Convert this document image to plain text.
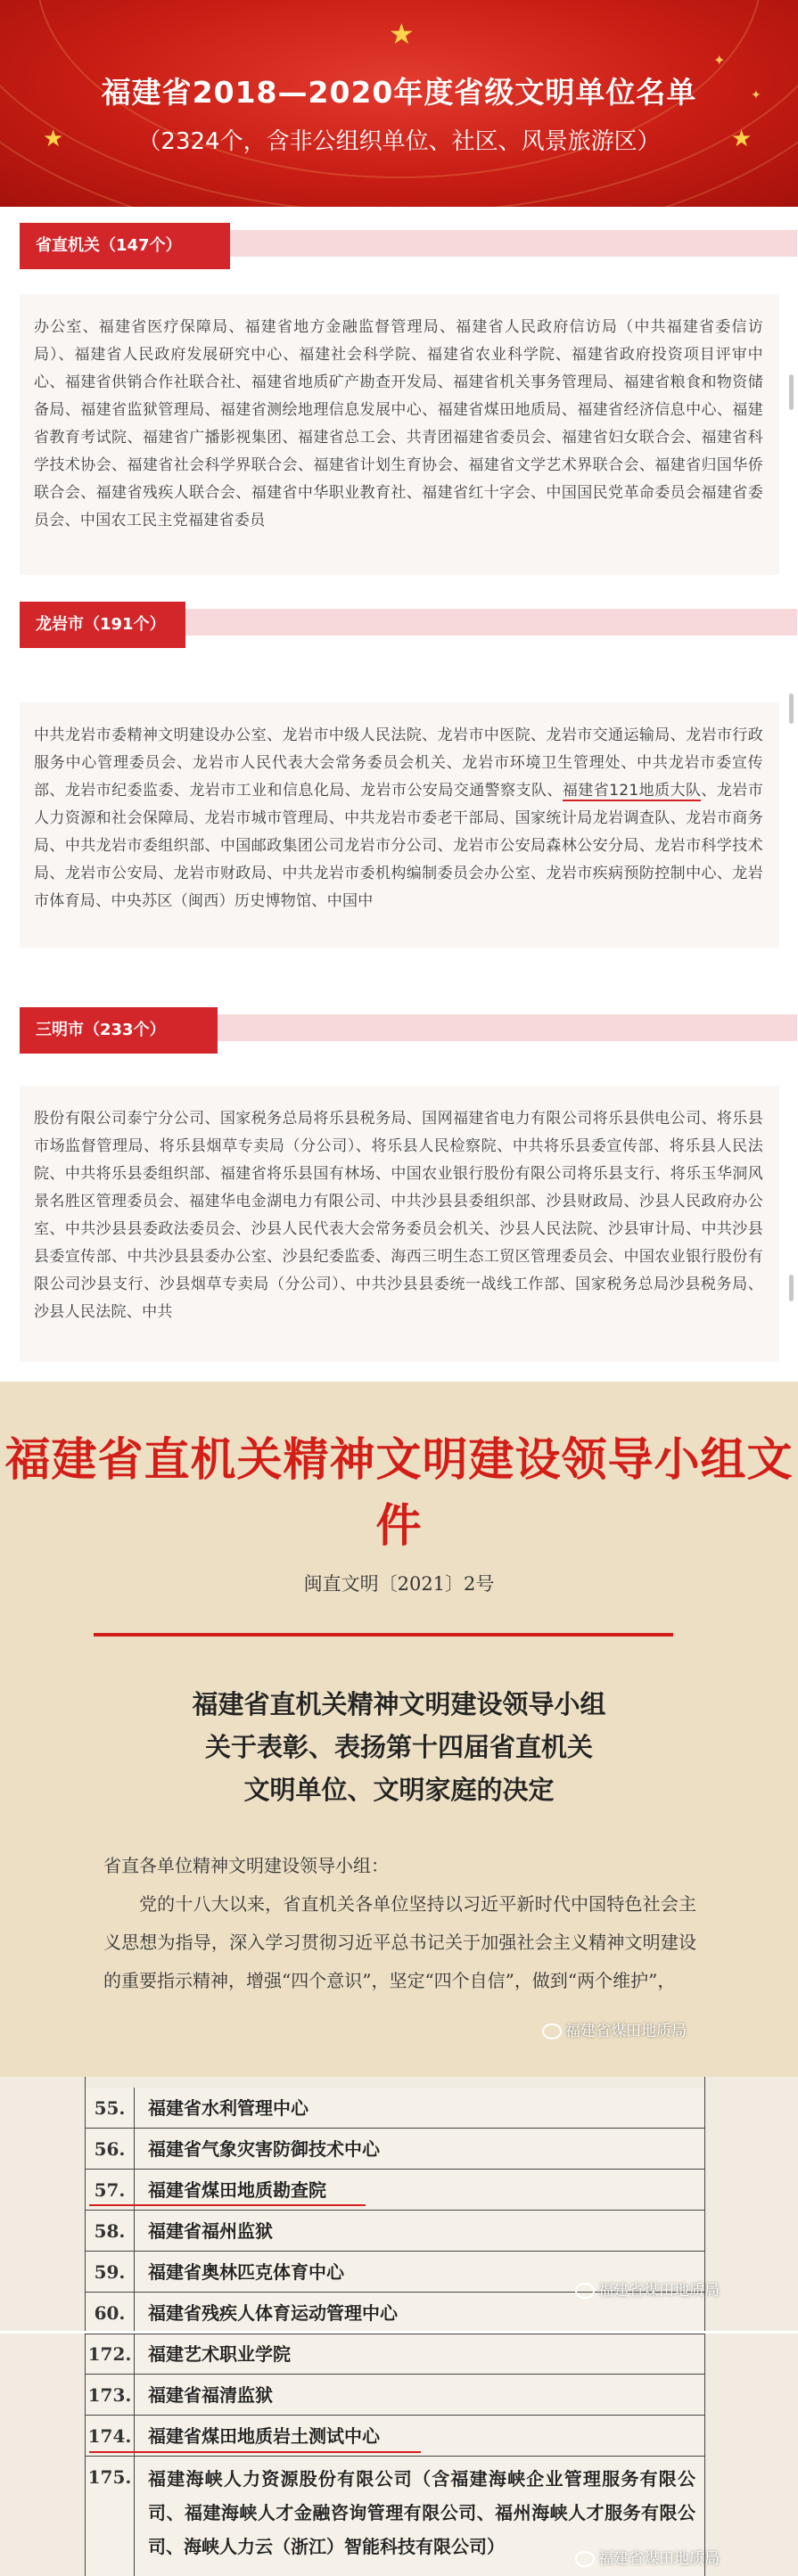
★
★	★
✦
✦
福建省2018—2020年度省级文明单位名单
（2324个，含非公组织单位、社区、风景旅游区）
省直机关（147个）

办公室、福建省医疗保障局、福建省地方金融监督管理局、福建省人民政府信访局（中共福建省委信访局）、福建省人民政府发展研究中心、福建社会科学院、福建省农业科学院、福建省政府投资项目评审中心、福建省供销合作社联合社、福建省地质矿产勘查开发局、福建省机关事务管理局、福建省粮食和物资储备局、福建省监狱管理局、福建省测绘地理信息发展中心、福建省煤田地质局、福建省经济信息中心、福建省教育考试院、福建省广播影视集团、福建省总工会、共青团福建省委员会、福建省妇女联合会、福建省科学技术协会、福建省社会科学界联合会、福建省计划生育协会、福建省文学艺术界联合会、福建省归国华侨联合会、福建省残疾人联合会、福建省中华职业教育社、福建省红十字会、中国国民党革命委员会福建省委员会、中国农工民主党福建省委员

龙岩市（191个）

中共龙岩市委精神文明建设办公室、龙岩市中级人民法院、龙岩市中医院、龙岩市交通运输局、龙岩市行政服务中心管理委员会、龙岩市人民代表大会常务委员会机关、龙岩市环境卫生管理处、中共龙岩市委宣传部、龙岩市纪委监委、龙岩市工业和信息化局、龙岩市公安局交通警察支队、福建省121地质大队、龙岩市人力资源和社会保障局、龙岩市城市管理局、中共龙岩市委老干部局、国家统计局龙岩调查队、龙岩市商务局、中共龙岩市委组织部、中国邮政集团公司龙岩市分公司、龙岩市公安局森林公安分局、龙岩市科学技术局、龙岩市公安局、龙岩市财政局、中共龙岩市委机构编制委员会办公室、龙岩市疾病预防控制中心、龙岩市体育局、中央苏区（闽西）历史博物馆、中国中

三明市（233个）

股份有限公司泰宁分公司、国家税务总局将乐县税务局、国网福建省电力有限公司将乐县供电公司、将乐县市场监督管理局、将乐县烟草专卖局（分公司）、将乐县人民检察院、中共将乐县委宣传部、将乐县人民法院、中共将乐县委组织部、福建省将乐县国有林场、中国农业银行股份有限公司将乐县支行、将乐玉华洞风景名胜区管理委员会、福建华电金湖电力有限公司、中共沙县县委组织部、沙县财政局、沙县人民政府办公室、中共沙县县委政法委员会、沙县人民代表大会常务委员会机关、沙县人民法院、沙县审计局、中共沙县县委宣传部、中共沙县县委办公室、沙县纪委监委、海西三明生态工贸区管理委员会、中国农业银行股份有限公司沙县支行、沙县烟草专卖局（分公司）、中共沙县县委统一战线工作部、国家税务总局沙县税务局、沙县人民法院、中共

福建省直机关精神文明建设领导小组文件
闽直文明〔2021〕2号
福建省直机关精神文明建设领导小组
关于表彰、表扬第十四届省直机关
文明单位、文明家庭的决定
省直各单位精神文明建设领导小组：

党的十八大以来，省直机关各单位坚持以习近平新时代中国特色社会主义思想为指导，深入学习贯彻习近平总书记关于加强社会主义精神文明建设的重要指示精神，增强“四个意识”，坚定“四个自信”，做到“两个维护”，

福建省煤田地质局
55.	福建省水利管理中心
56.	福建省气象灾害防御技术中心
57.	福建省煤田地质勘查院
58.	福建省福州监狱
59.	福建省奥林匹克体育中心
60.	福建省残疾人体育运动管理中心
福建省煤田地质局
172. 福建艺术职业学院
173. 福建省福清监狱
174. 福建省煤田地质岩土测试中心
175. 福建海峡人力资源股份有限公司（含福建海峡企业管理服务有限公司、福建海峡人才金融咨询管理有限公司、福州海峡人才服务有限公司、海峡人力云（浙江）智能科技有限公司）
福建省煤田地质局
